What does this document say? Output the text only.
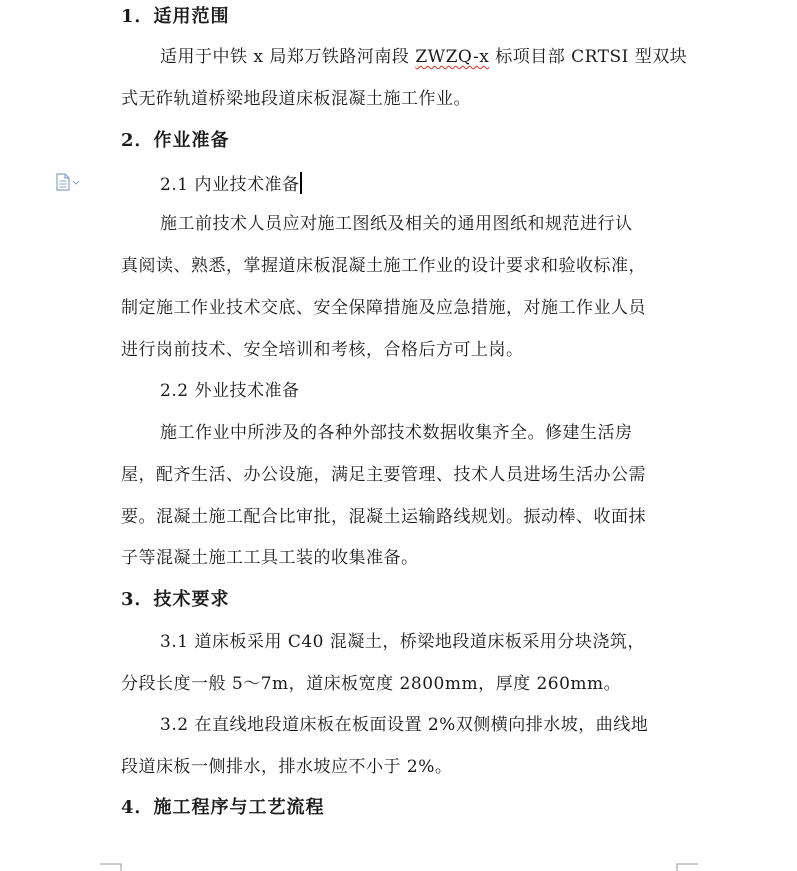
1．适用范围
适用于中铁 x 局郑万铁路河南段 ZWZQ-x 标项目部 CRTSI 型双块
式无砟轨道桥梁地段道床板混凝土施工作业。
2．作业准备
2.1 内业技术准备
施工前技术人员应对施工图纸及相关的通用图纸和规范进行认
真阅读、熟悉，掌握道床板混凝土施工作业的设计要求和验收标准，
制定施工作业技术交底、安全保障措施及应急措施，对施工作业人员
进行岗前技术、安全培训和考核，合格后方可上岗。
2.2 外业技术准备
施工作业中所涉及的各种外部技术数据收集齐全。修建生活房
屋，配齐生活、办公设施，满足主要管理、技术人员进场生活办公需
要。混凝土施工配合比审批，混凝土运输路线规划。振动棒、收面抹
子等混凝土施工工具工装的收集准备。
3．技术要求
3.1 道床板采用 C40 混凝土，桥梁地段道床板采用分块浇筑，
分段长度一般 5～7m，道床板宽度 2800mm，厚度 260mm。
3.2 在直线地段道床板在板面设置 2%双侧横向排水坡，曲线地
段道床板一侧排水，排水坡应不小于 2%。
4．施工程序与工艺流程
